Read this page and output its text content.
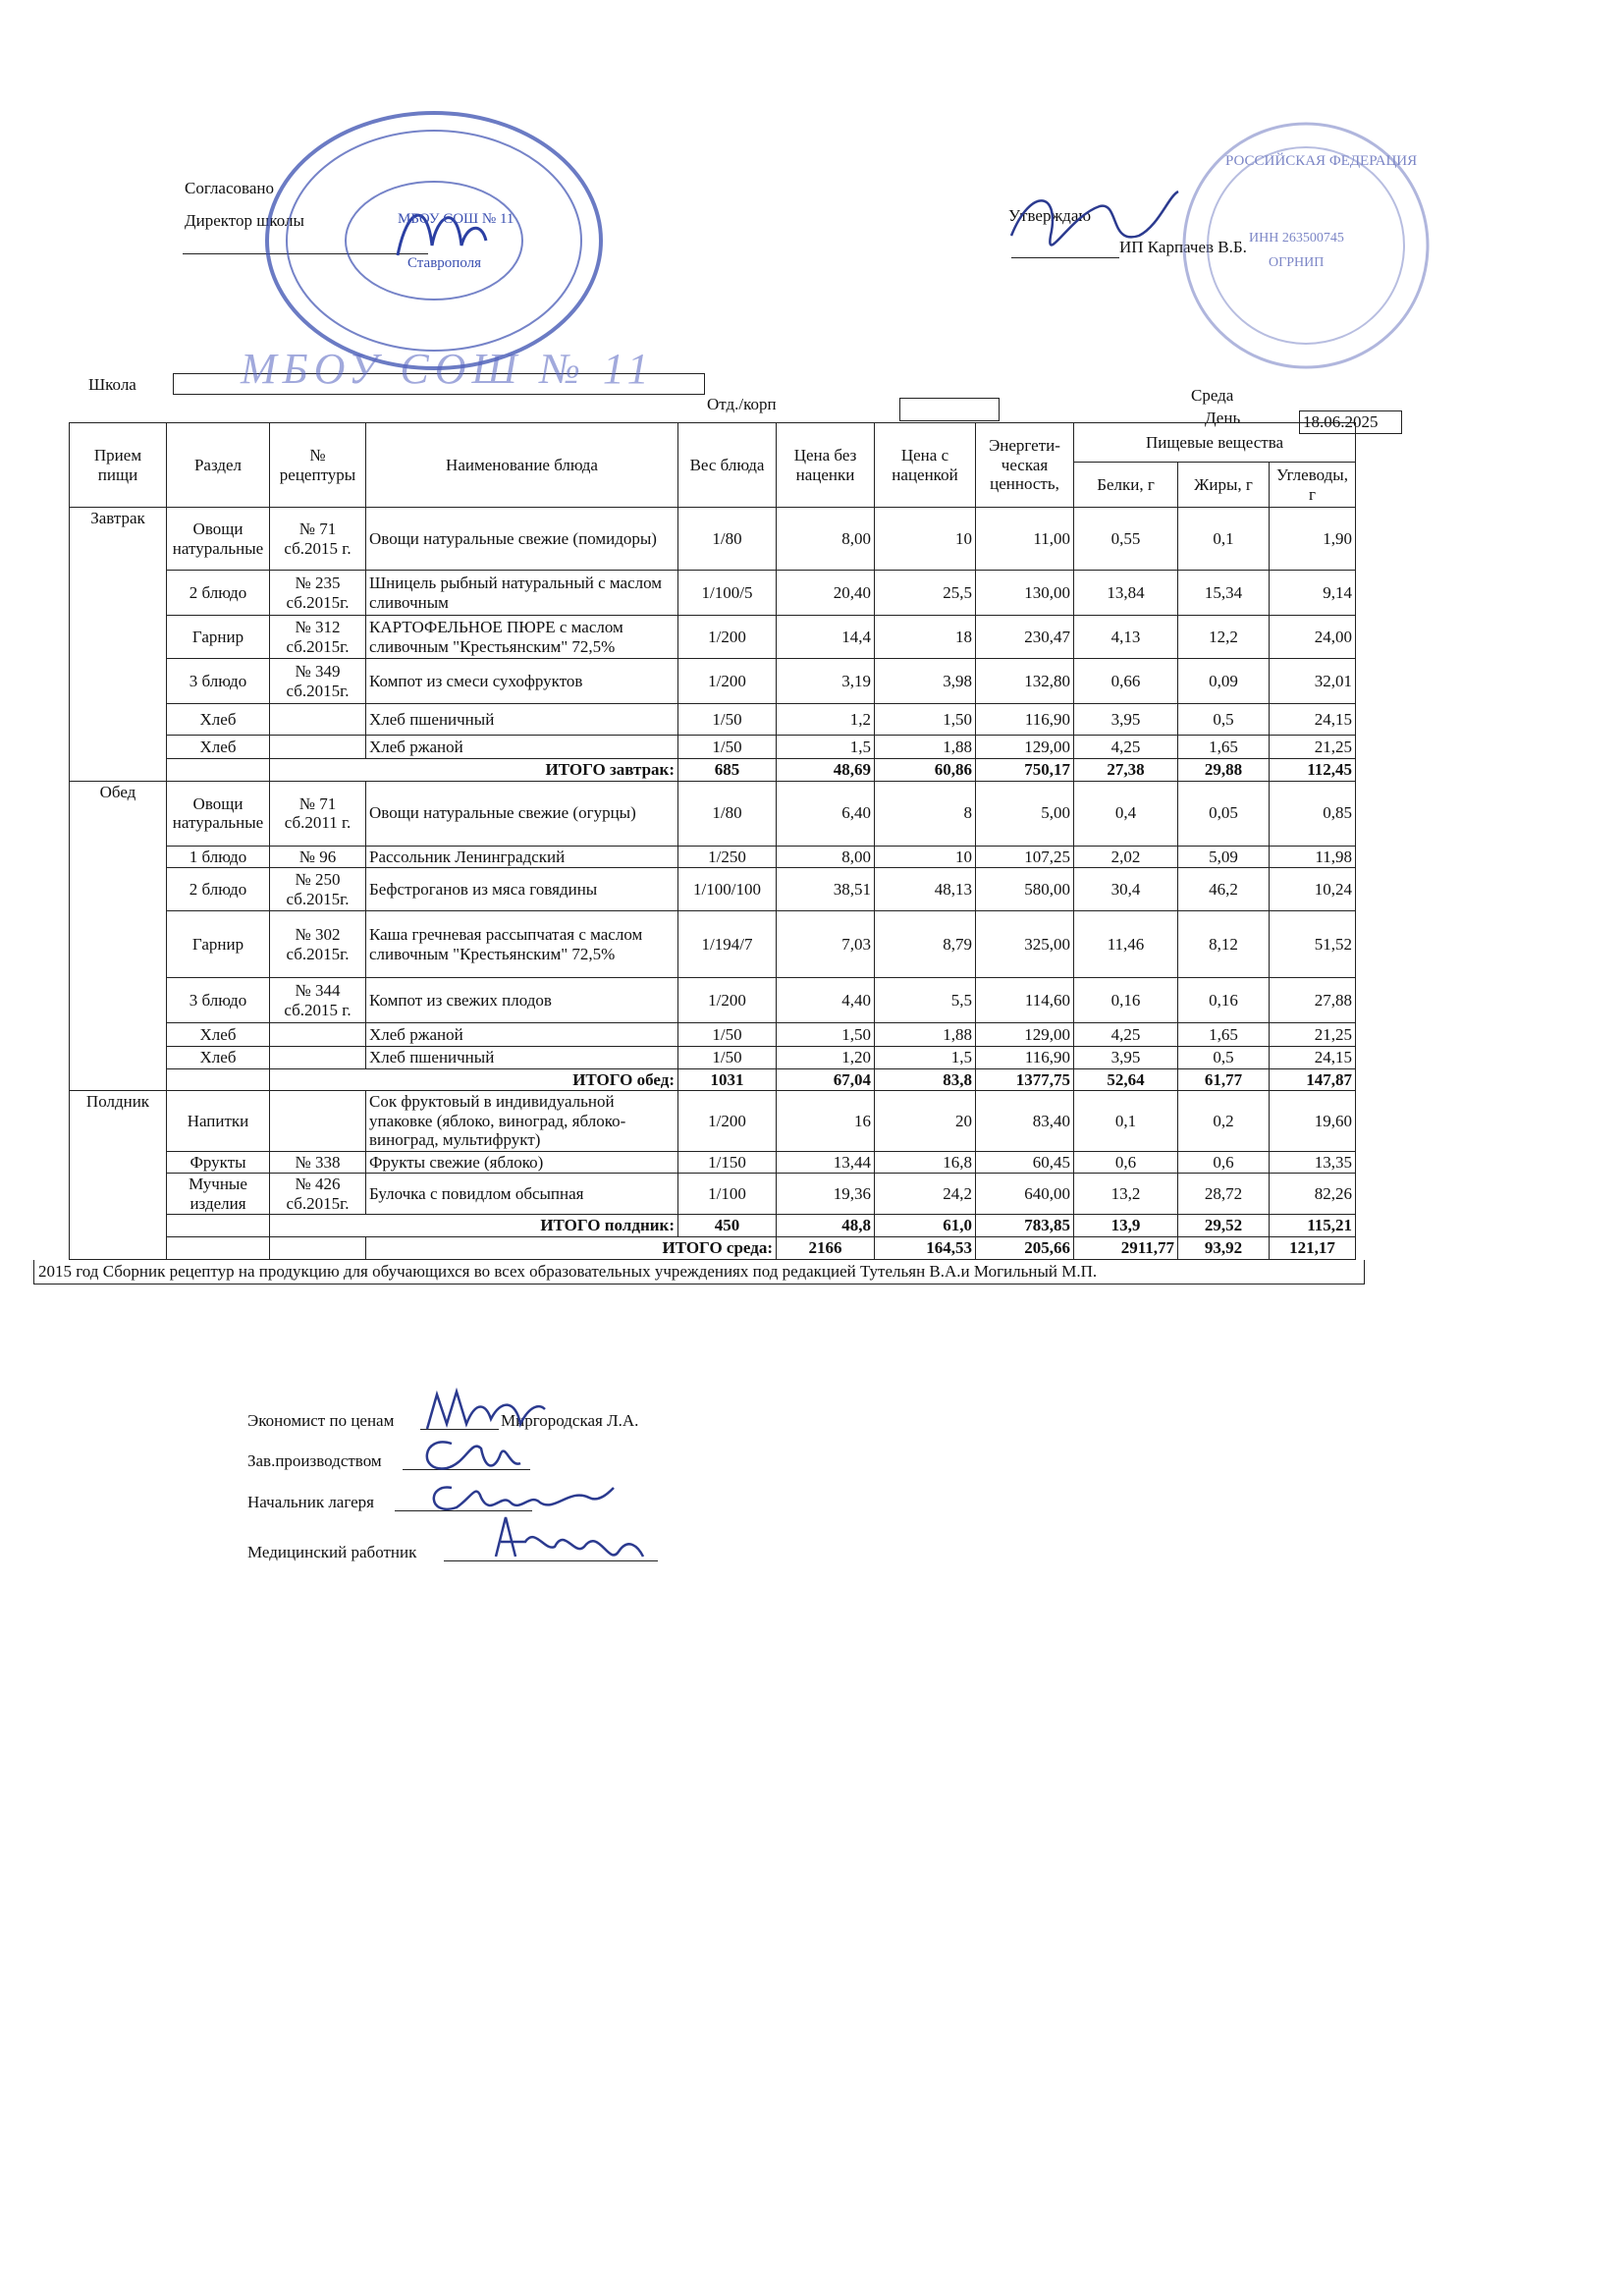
Согласовано
Директор школы	МБОУ СОШ № 11
Ставрополя
Утверждаю
ИП Карпачев В.Б.
РОССИЙСКАЯ ФЕДЕРАЦИЯ
ИНН 263500745
ОГРНИП
Школа МБОУ СОШ № 11
Отд./корп	Среда
День	18.06.2025
Прием пищи	Раздел	№ рецептуры	Наименование блюда	Вес блюда	Цена без наценки	Цена с наценкой	Энергети-ческая ценность,	Пищевые вещества			
								Белки, г	Жиры, г	Углеводы, г	
Завтрак	Овощи натуральные	№ 71 сб.2015 г.	Овощи натуральные свежие (помидоры)	1/80	8,00	10	11,00	0,55	0,1	1,90	
	2 блюдо	№ 235 сб.2015г.	Шницель рыбный натуральный с маслом сливочным	1/100/5	20,40	25,5	130,00	13,84	15,34	9,14	
	Гарнир	№ 312 сб.2015г.	КАРТОФЕЛЬНОЕ ПЮРЕ с маслом сливочным "Крестьянским" 72,5%	1/200	14,4	18	230,47	4,13	12,2	24,00	
	3 блюдо	№ 349 сб.2015г.	Компот из смеси сухофруктов	1/200	3,19	3,98	132,80	0,66	0,09	32,01	
	Хлеб		Хлеб пшеничный	1/50	1,2	1,50	116,90	3,95	0,5	24,15	
	Хлеб		Хлеб ржаной	1/50	1,5	1,88	129,00	4,25	1,65	21,25	
		ИТОГО завтрак:		685	48,69	60,86	750,17	27,38	29,88	112,45	
Обед	Овощи натуральные	№ 71 сб.2011 г.	Овощи натуральные свежие (огурцы)	1/80	6,40	8	5,00	0,4	0,05	0,85	
	1 блюдо	№ 96	Рассольник Ленинградский	1/250	8,00	10	107,25	2,02	5,09	11,98	
	2 блюдо	№ 250 сб.2015г.	Бефстроганов из мяса говядины	1/100/100	38,51	48,13	580,00	30,4	46,2	10,24	
	Гарнир	№ 302 сб.2015г.	Каша гречневая рассыпчатая с маслом сливочным "Крестьянским" 72,5%	1/194/7	7,03	8,79	325,00	11,46	8,12	51,52	
	3 блюдо	№ 344 сб.2015 г.	Компот из свежих плодов	1/200	4,40	5,5	114,60	0,16	0,16	27,88	
	Хлеб		Хлеб ржаной	1/50	1,50	1,88	129,00	4,25	1,65	21,25	
	Хлеб		Хлеб пшеничный	1/50	1,20	1,5	116,90	3,95	0,5	24,15	
		ИТОГО обед:		1031	67,04	83,8	1377,75	52,64	61,77	147,87	
Полдник	Напитки		Сок фруктовый в индивидуальной упаковке (яблоко, виноград, яблоко-виноград, мультифрукт)	1/200	16	20	83,40	0,1	0,2	19,60	
	Фрукты	№ 338	Фрукты свежие (яблоко)	1/150	13,44	16,8	60,45	0,6	0,6	13,35	
	Мучные изделия	№ 426 сб.2015г.	Булочка с повидлом обсыпная	1/100	19,36	24,2	640,00	13,2	28,72	82,26	
		ИТОГО полдник:		450	48,8	61,0	783,85	13,9	29,52	115,21	
			ИТОГО среда:		2166	164,53	205,66	2911,77	93,92	121,17	
2015 год Сборник рецептур на продукцию для обучающихся во всех образовательных учреждениях под редакцией Тутельян В.А.и Могильный М.П.
Экономист по ценам	Миргородская Л.А.
Зав.производством
Начальник лагеря
Медицинский работник
